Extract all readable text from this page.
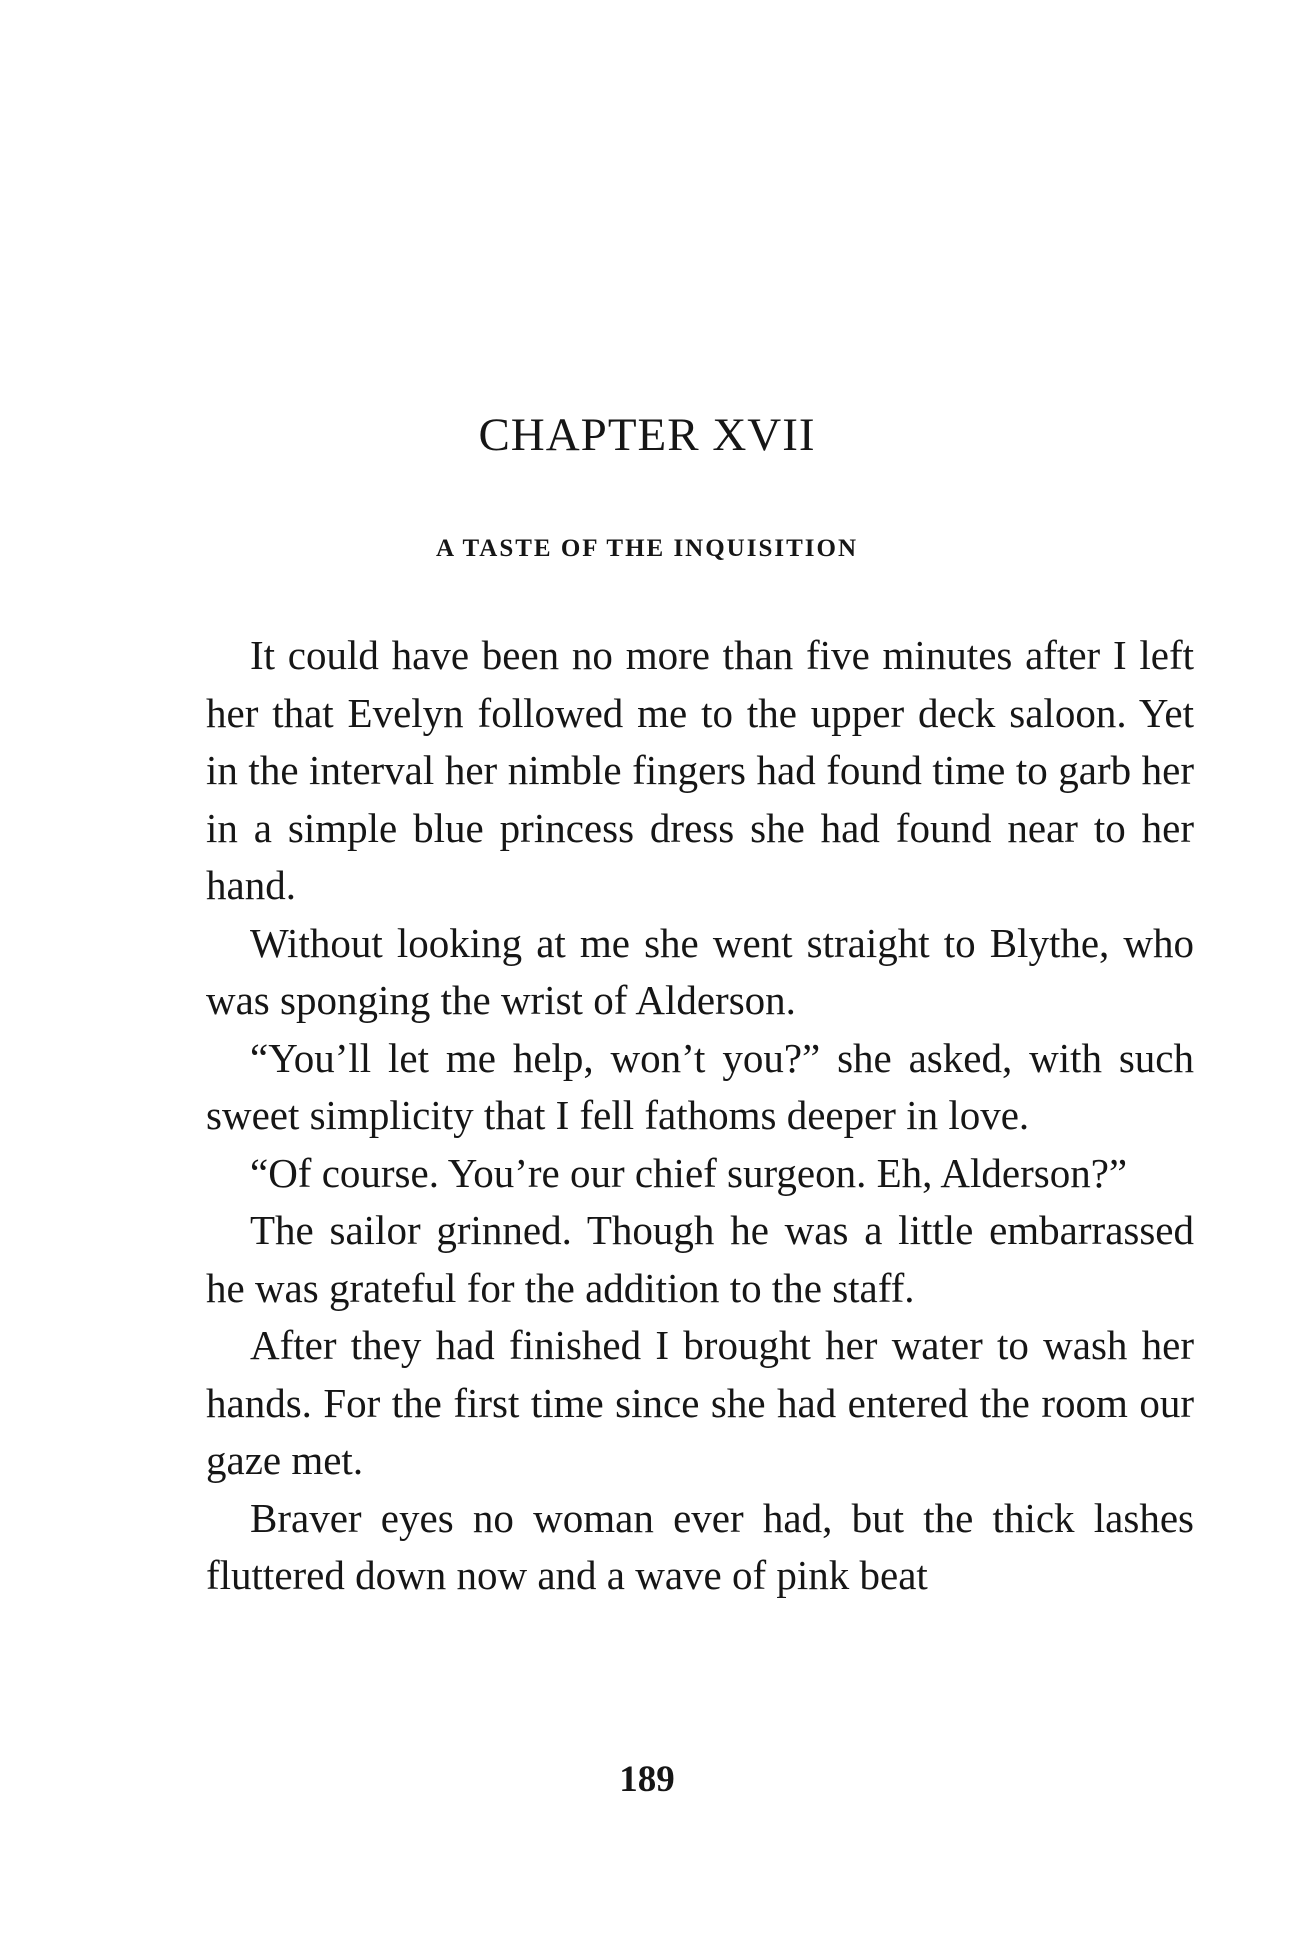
CHAPTER XVII
A TASTE OF THE INQUISITION

It could have been no more than five minutes after I left her that Evelyn followed me to the upper deck saloon. Yet in the interval her nimble fingers had found time to garb her in a simple blue princess dress she had found near to her hand.

Without looking at me she went straight to Blythe, who was sponging the wrist of Alderson.

“You’ll let me help, won’t you?” she asked, with such sweet simplicity that I fell fathoms deeper in love.

“Of course. You’re our chief surgeon. Eh, Alderson?”

The sailor grinned. Though he was a little embarrassed he was grateful for the addition to the staff.

After they had finished I brought her water to wash her hands. For the first time since she had entered the room our gaze met.

Braver eyes no woman ever had, but the thick lashes fluttered down now and a wave of pink beat

189
